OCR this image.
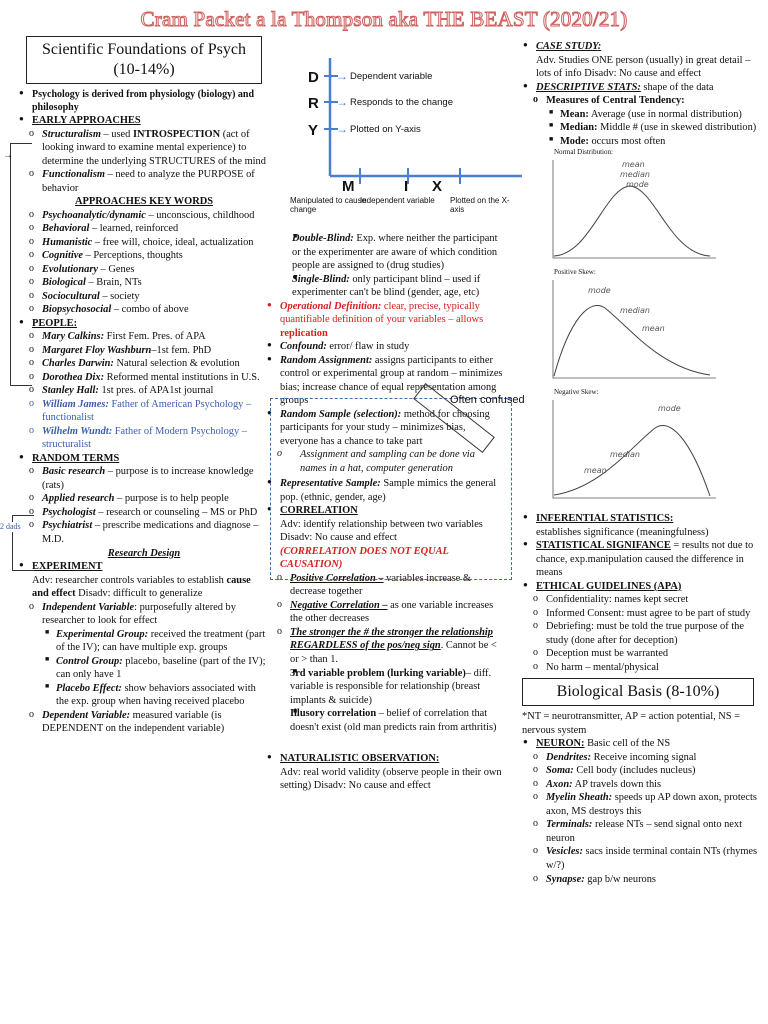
Cram Packet a la Thompson aka THE BEAST (2020/21)
Scientific Foundations of Psych (10-14%)
● Psychology is derived from physiology (biology) and philosophy
● EARLY APPROACHES
o Structuralism – used INTROSPECTION (act of looking inward to examine mental experience) to determine the underlying STRUCTURES of the mind
o Functionalism – need to analyze the PURPOSE of behavior
APPROACHES KEY WORDS
o Psychoanalytic/dynamic – unconscious, childhood
o Behavioral – learned, reinforced
o Humanistic – free will, choice, ideal, actualization
o Cognitive – Perceptions, thoughts
o Evolutionary – Genes
o Biological – Brain, NTs
o Sociocultural – society
o Biopsychosocial – combo of above
● PEOPLE:
o Mary Calkins: First Fem. Pres. of APA
o Margaret Floy Washburn–1st fem. PhD
o Charles Darwin: Natural selection & evolution
o Dorothea Dix: Reformed mental institutions in U.S.
o Stanley Hall: 1st pres. of APA1st journal
o William James: Father of American Psychology – functionalist
o Wilhelm Wundt: Father of Modern Psychology – structuralist
● RANDOM TERMS
o Basic research – purpose is to increase knowledge (rats)
o Applied research – purpose is to help people
o Psychologist – research or counseling – MS or PhD
o Psychiatrist – prescribe medications and diagnose – M.D.
Research Design
● EXPERIMENT
Adv: researcher controls variables to establish cause and effect Disadv: difficult to generalize
o Independent Variable: purposefully altered by researcher to look for effect
■ Experimental Group: received the treatment (part of the IV); can have multiple exp. groups
■ Control Group: placebo, baseline (part of the IV); can only have 1
■ Placebo Effect: show behaviors associated with the exp. group when having received placebo
o Dependent Variable: measured variable (is DEPENDENT on the independent variable)
→
2 dads
D → Dependent variable
R → Responds to the change
Y → Plotted on Y-axis
M
Manipulated to cause change
I
Independent variable
X
Plotted on the X-axis
■ Double-Blind: Exp. where neither the participant or the experimenter are aware of which condition people are assigned to (drug studies)
■ Single-Blind: only participant blind – used if experimenter can't be blind (gender, age, etc)
● Operational Definition: clear, precise, typically quantifiable definition of your variables – allows replication
● Confound: error/ flaw in study
● Random Assignment: assigns participants to either control or experimental group at random – minimizes bias; increase chance of equal representation among groups
● Random Sample (selection): method for choosing participants for your study – minimizes bias, everyone has a chance to take part
o Assignment and sampling can be done via names in a hat, computer generation
● Representative Sample: Sample mimics the general pop. (ethnic, gender, age)
● CORRELATION
Adv: identify relationship between two variables Disadv: No cause and effect
(CORRELATION DOES NOT EQUAL CAUSATION)
o Positive Correlation – variables increase & decrease together
o Negative Correlation – as one variable increases the other decreases
o The stronger the # the stronger the relationship REGARDLESS of the pos/neg sign. Cannot be < or > than 1.
■ 3rd variable problem (lurking variable)– diff. variable is responsible for relationship (breast implants & suicide)
■ Illusory correlation – belief of correlation that doesn't exist (old man predicts rain from arthritis)
● NATURALISTIC OBSERVATION:
Adv: real world validity (observe people in their own setting) Disadv: No cause and effect
Often confused
● CASE STUDY:
Adv. Studies ONE person (usually) in great detail – lots of info Disadv: No cause and effect
● DESCRIPTIVE STATS: shape of the data
o Measures of Central Tendency:
■ Mean: Average (use in normal distribution)
■ Median: Middle # (use in skewed distribution)
■ Mode: occurs most often
Normal Distribution:
mean
median
mode
Positive Skew:
mode
median
mean
Negative Skew:
mean
median
mode
● INFERENTIAL STATISTICS:
establishes significance (meaningfulness)
● STATISTICAL SIGNIFANCE = results not due to chance, exp.manipulation caused the difference in means
● ETHICAL GUIDELINES (APA)
o Confidentiality: names kept secret
o Informed Consent: must agree to be part of study
o Debriefing: must be told the true purpose of the study (done after for deception)
o Deception must be warranted
o No harm – mental/physical
Biological Basis (8-10%)
*NT = neurotransmitter, AP = action potential, NS = nervous system
● NEURON: Basic cell of the NS
o Dendrites: Receive incoming signal
o Soma: Cell body (includes nucleus)
o Axon: AP travels down this
o Myelin Sheath: speeds up AP down axon, protects axon, MS destroys this
o Terminals: release NTs – send signal onto next neuron
o Vesicles: sacs inside terminal contain NTs (rhymes w/?)
o Synapse: gap b/w neurons
